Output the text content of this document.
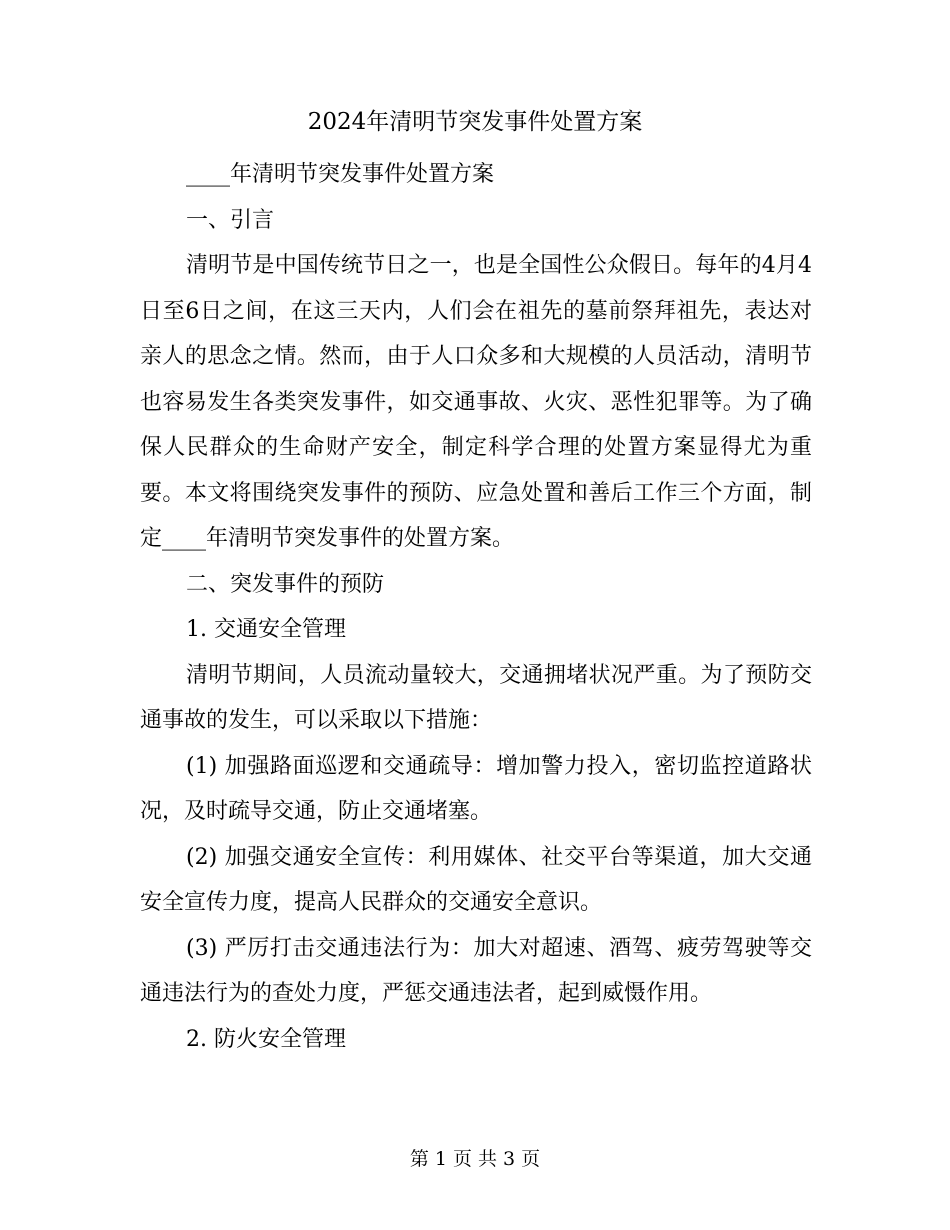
2024年清明节突发事件处置方案

____年清明节突发事件处置方案

一、引言

清明节是中国传统节日之一，也是全国性公众假日。每年的4月4日至6日之间，在这三天内，人们会在祖先的墓前祭拜祖先，表达对亲人的思念之情。然而，由于人口众多和大规模的人员活动，清明节也容易发生各类突发事件，如交通事故、火灾、恶性犯罪等。为了确保人民群众的生命财产安全，制定科学合理的处置方案显得尤为重要。本文将围绕突发事件的预防、应急处置和善后工作三个方面，制定____年清明节突发事件的处置方案。

二、突发事件的预防

1. 交通安全管理

清明节期间，人员流动量较大，交通拥堵状况严重。为了预防交通事故的发生，可以采取以下措施：

(1) 加强路面巡逻和交通疏导：增加警力投入，密切监控道路状况，及时疏导交通，防止交通堵塞。

(2) 加强交通安全宣传：利用媒体、社交平台等渠道，加大交通安全宣传力度，提高人民群众的交通安全意识。

(3) 严厉打击交通违法行为：加大对超速、酒驾、疲劳驾驶等交通违法行为的查处力度，严惩交通违法者，起到威慑作用。

2. 防火安全管理

第 1 页 共 3 页
